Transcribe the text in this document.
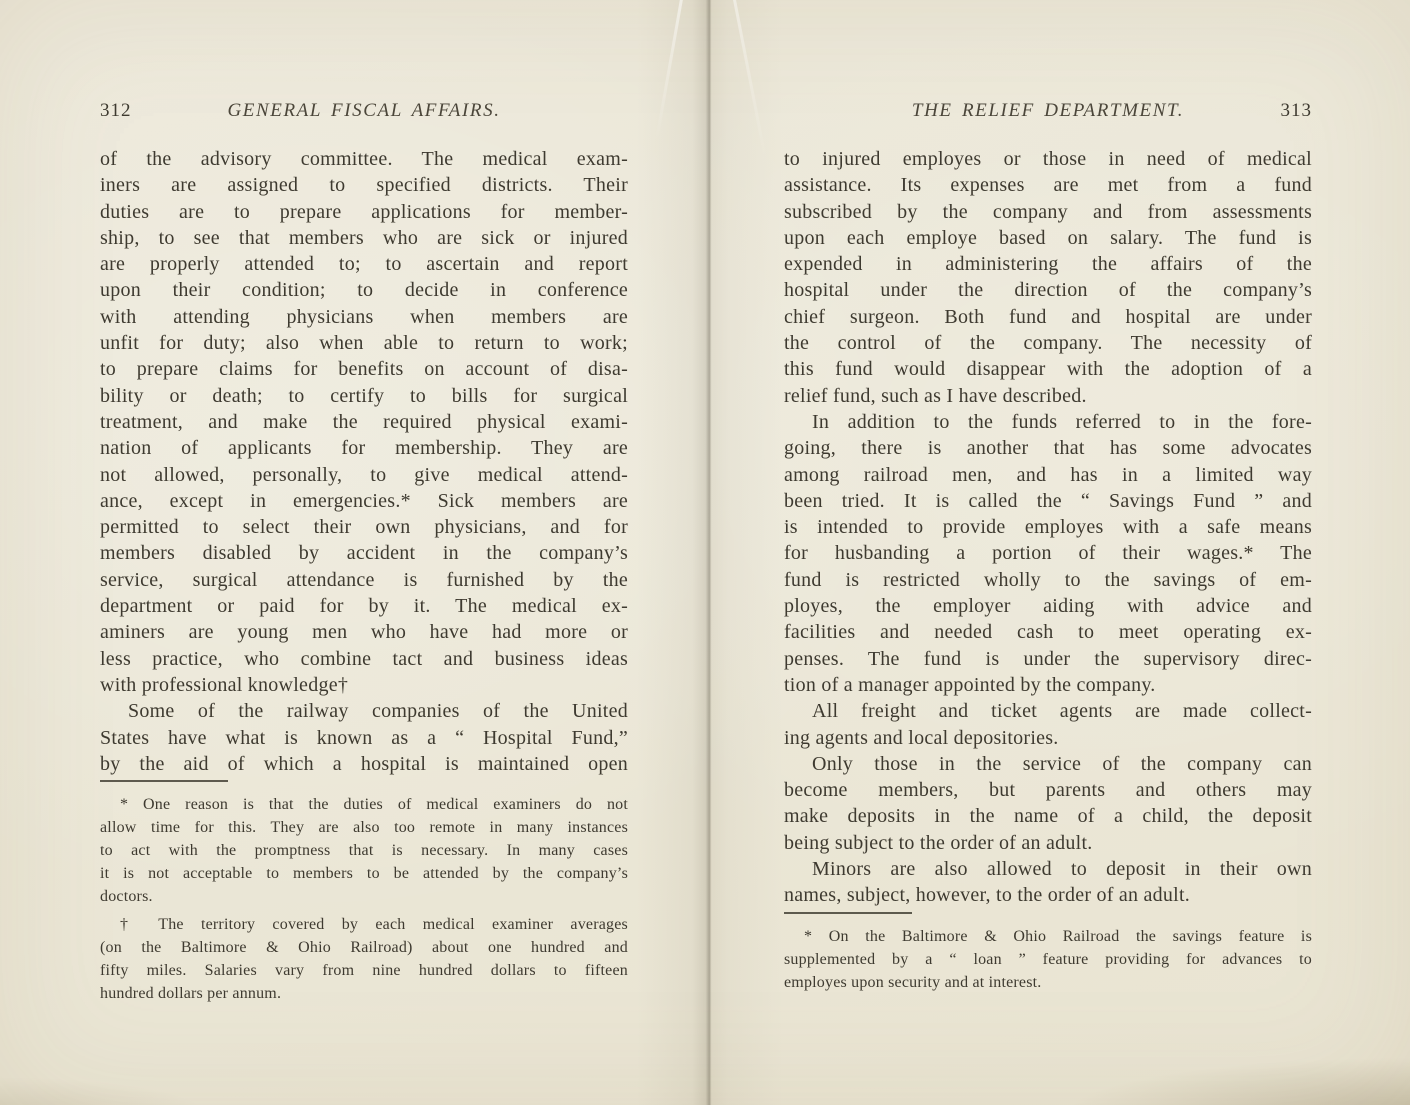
312	GENERAL FISCAL AFFAIRS.
of the advisory committee. The medical exam-
iners are assigned to specified districts. Their
duties are to prepare applications for member-
ship, to see that members who are sick or injured
are properly attended to; to ascertain and report
upon their condition; to decide in conference
with attending physicians when members are
unfit for duty; also when able to return to work;
to prepare claims for benefits on account of disa-
bility or death; to certify to bills for surgical
treatment, and make the required physical exami-
nation of applicants for membership. They are
not allowed, personally, to give medical attend-
ance, except in emergencies.* Sick members are
permitted to select their own physicians, and for
members disabled by accident in the company’s
service, surgical attendance is furnished by the
department or paid for by it. The medical ex-
aminers are young men who have had more or
less practice, who combine tact and business ideas
with professional knowledge†
Some of the railway companies of the United
States have what is known as a “ Hospital Fund,”
by the aid of which a hospital is maintained open
* One reason is that the duties of medical examiners do not
allow time for this. They are also too remote in many instances
to act with the promptness that is necessary. In many cases
it is not acceptable to members to be attended by the company’s
doctors.
† The territory covered by each medical examiner averages
(on the Baltimore & Ohio Railroad) about one hundred and
fifty miles. Salaries vary from nine hundred dollars to fifteen
hundred dollars per annum.
THE RELIEF DEPARTMENT.	313
to injured employes or those in need of medical
assistance. Its expenses are met from a fund
subscribed by the company and from assessments
upon each employe based on salary. The fund is
expended in administering the affairs of the
hospital under the direction of the company’s
chief surgeon. Both fund and hospital are under
the control of the company. The necessity of
this fund would disappear with the adoption of a
relief fund, such as I have described.
In addition to the funds referred to in the fore-
going, there is another that has some advocates
among railroad men, and has in a limited way
been tried. It is called the “ Savings Fund ” and
is intended to provide employes with a safe means
for husbanding a portion of their wages.* The
fund is restricted wholly to the savings of em-
ployes, the employer aiding with advice and
facilities and needed cash to meet operating ex-
penses. The fund is under the supervisory direc-
tion of a manager appointed by the company.
All freight and ticket agents are made collect-
ing agents and local depositories.
Only those in the service of the company can
become members, but parents and others may
make deposits in the name of a child, the deposit
being subject to the order of an adult.
Minors are also allowed to deposit in their own
names, subject, however, to the order of an adult.
* On the Baltimore & Ohio Railroad the savings feature is
supplemented by a “ loan ” feature providing for advances to
employes upon security and at interest.
